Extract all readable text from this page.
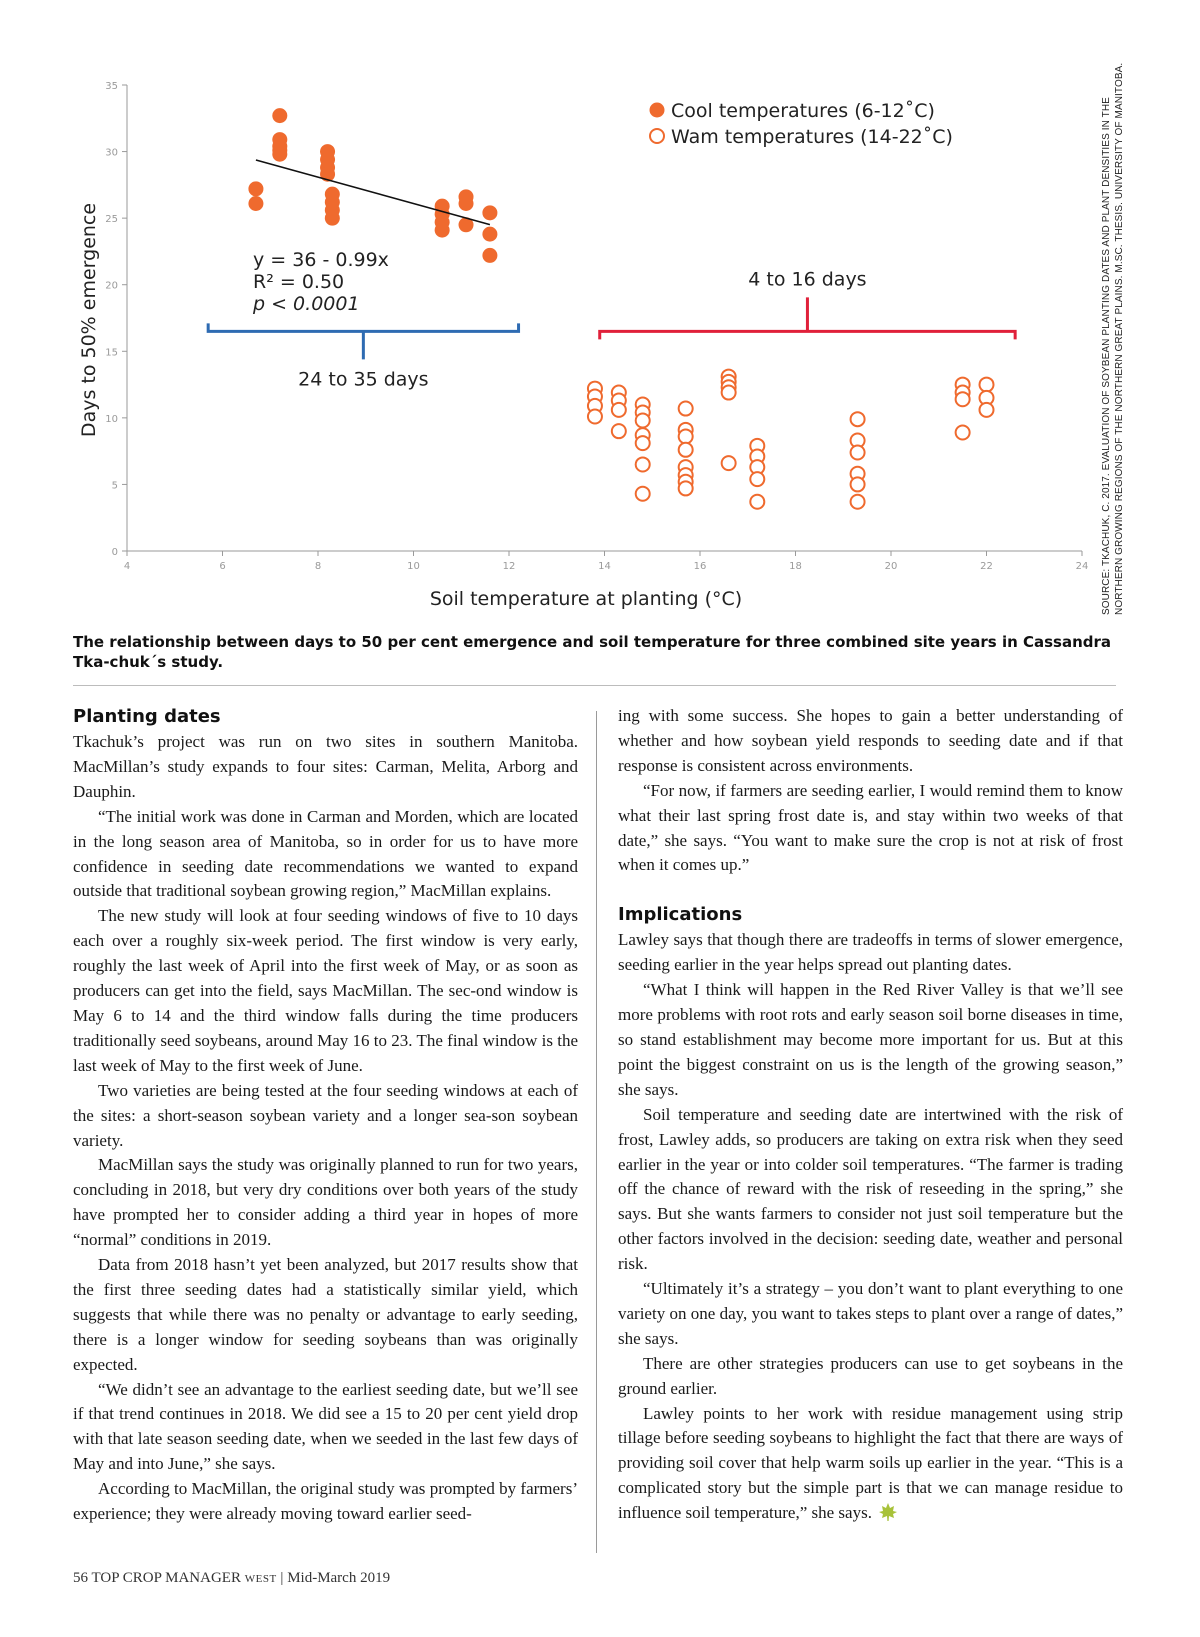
4	6	8	10	12	14	16	18	20	22	24
0
5
10
15
20
25
30
35
y = 36 - 0.99x
R² = 0.50
p < 0.0001
24 to 35 days
4 to 16 days
Cool temperatures (6-12˚C)
Wam temperatures (14-22˚C)
Days to 50% emergence
Soil temperature at planting (°C)	SOURCE: TKACHUK, C. 2017. EVALUATION OF SOYBEAN PLANTING DATES AND PLANT DENSITIES IN THE NORTHERN GROWING REGIONS OF THE NORTHERN GREAT PLAINS. M.SC. THESIS. UNIVERSITY OF MANITOBA.

The relationship between days to 50 per cent emergence and soil temperature for three combined site years in Cassandra Tka-chuk´s study.

Planting dates

Tkachuk’s project was run on two sites in southern Manitoba. MacMillan’s study expands to four sites: Carman, Melita, Arborg and Dauphin.

“The initial work was done in Carman and Morden, which are located in the long season area of Manitoba, so in order for us to have more confidence in seeding date recommendations we wanted to expand outside that traditional soybean growing region,” MacMillan explains.

The new study will look at four seeding windows of five to 10 days each over a roughly six-week period. The first window is very early, roughly the last week of April into the first week of May, or as soon as producers can get into the field, says MacMillan. The sec-ond window is May 6 to 14 and the third window falls during the time producers traditionally seed soybeans, around May 16 to 23. The final window is the last week of May to the first week of June.

Two varieties are being tested at the four seeding windows at each of the sites: a short-season soybean variety and a longer sea-son soybean variety.

MacMillan says the study was originally planned to run for two years, concluding in 2018, but very dry conditions over both years of the study have prompted her to consider adding a third year in hopes of more “normal” conditions in 2019.

Data from 2018 hasn’t yet been analyzed, but 2017 results show that the first three seeding dates had a statistically similar yield, which suggests that while there was no penalty or advantage to early seeding, there is a longer window for seeding soybeans than was originally expected.

“We didn’t see an advantage to the earliest seeding date, but we’ll see if that trend continues in 2018. We did see a 15 to 20 per cent yield drop with that late season seeding date, when we seeded in the last few days of May and into June,” she says.

According to MacMillan, the original study was prompted by farmers’ experience; they were already moving toward earlier seed-

ing with some success. She hopes to gain a better understanding of whether and how soybean yield responds to seeding date and if that response is consistent across environments.

“For now, if farmers are seeding earlier, I would remind them to know what their last spring frost date is, and stay within two weeks of that date,” she says. “You want to make sure the crop is not at risk of frost when it comes up.”

Implications

Lawley says that though there are tradeoffs in terms of slower emergence, seeding earlier in the year helps spread out planting dates.

“What I think will happen in the Red River Valley is that we’ll see more problems with root rots and early season soil borne diseases in time, so stand establishment may become more important for us. But at this point the biggest constraint on us is the length of the growing season,” she says.

Soil temperature and seeding date are intertwined with the risk of frost, Lawley adds, so producers are taking on extra risk when they seed earlier in the year or into colder soil temperatures. “The farmer is trading off the chance of reward with the risk of reseeding in the spring,” she says. But she wants farmers to consider not just soil temperature but the other factors involved in the decision: seeding date, weather and personal risk.

“Ultimately it’s a strategy – you don’t want to plant everything to one variety on one day, you want to takes steps to plant over a range of dates,” she says.

There are other strategies producers can use to get soybeans in the ground earlier.

Lawley points to her work with residue management using strip tillage before seeding soybeans to highlight the fact that there are ways of providing soil cover that help warm soils up earlier in the year. “This is a complicated story but the simple part is that we can manage residue to influence soil temperature,” she says.

56 TOP CROP MANAGER WEST | Mid-March 2019
